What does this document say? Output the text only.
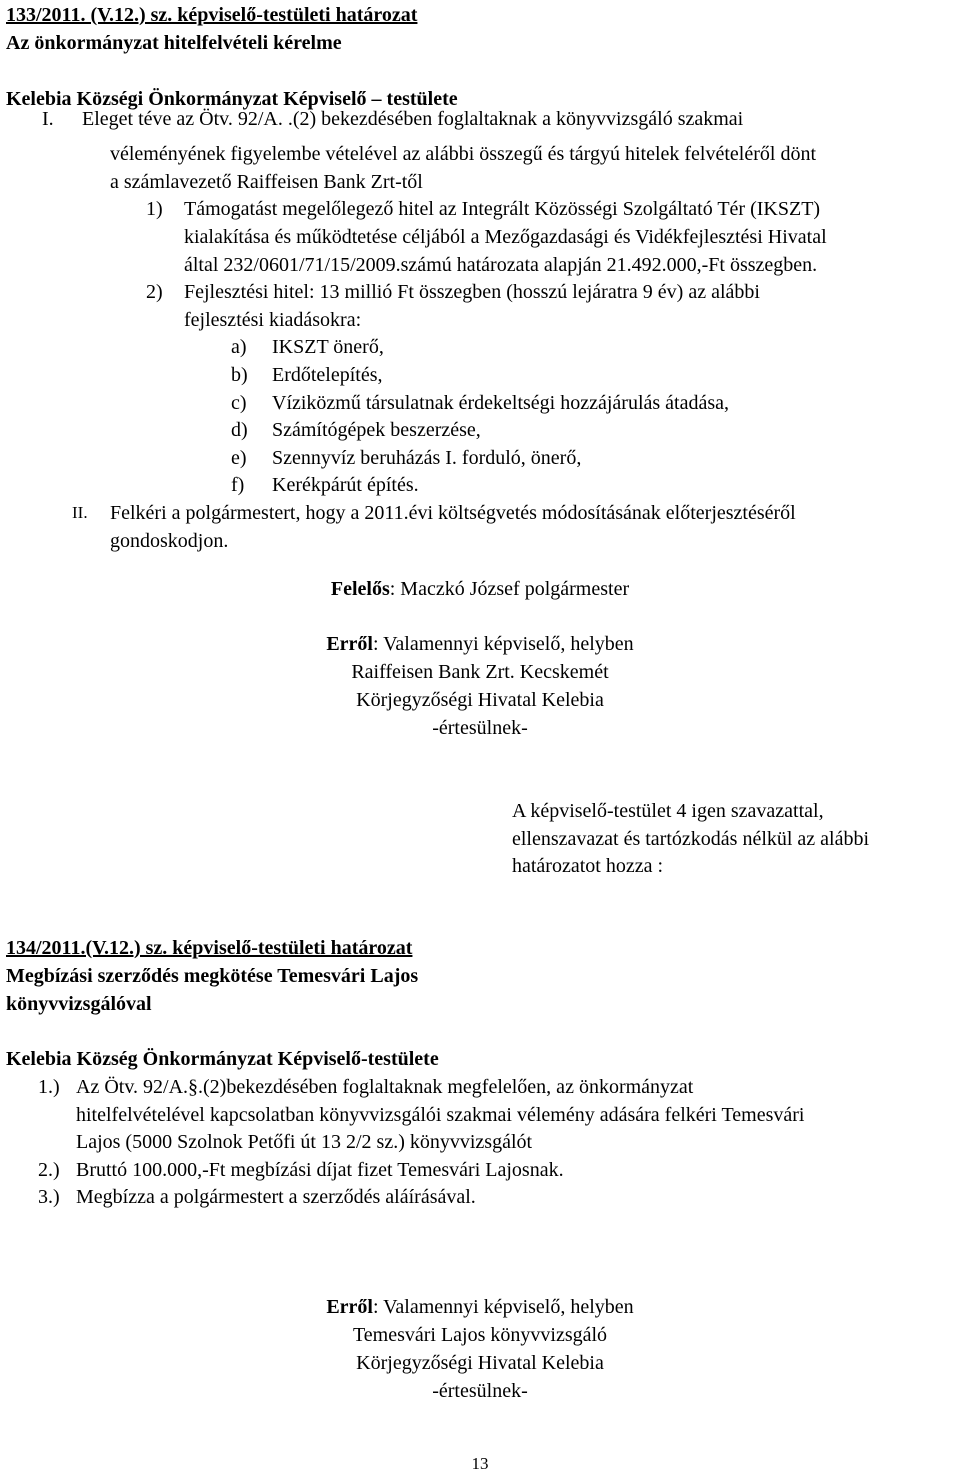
133/2011. (V.12.) sz. képviselő-testületi határozat
Az önkormányzat hitelfelvételi kérelme
Kelebia Községi Önkormányzat Képviselő – testülete
I. Eleget téve az Ötv. 92/A. .(2) bekezdésében foglaltaknak a könyvvizsgáló szakmai
véleményének figyelembe vételével az alábbi összegű és tárgyú hitelek felvételéről dönt
a számlavezető Raiffeisen Bank Zrt-től
1) Támogatást megelőlegező hitel az Integrált Közösségi Szolgáltató Tér (IKSZT)
kialakítása és működtetése céljából a Mezőgazdasági és Vidékfejlesztési Hivatal
által 232/0601/71/15/2009.számú határozata alapján 21.492.000,-Ft összegben.
2) Fejlesztési hitel: 13 millió Ft összegben (hosszú lejáratra 9 év) az alábbi
fejlesztési kiadásokra:
a) IKSZT önerő,
b) Erdőtelepítés,
c) Víziközmű társulatnak érdekeltségi hozzájárulás átadása,
d) Számítógépek beszerzése,
e) Szennyvíz beruházás I. forduló, önerő,
f) Kerékpárút építés.
II. Felkéri a polgármestert, hogy a 2011.évi költségvetés módosításának előterjesztéséről
gondoskodjon.
Felelős: Maczkó József polgármester
Erről: Valamennyi képviselő, helyben
Raiffeisen Bank Zrt. Kecskemét
Körjegyzőségi Hivatal Kelebia
-értesülnek-
A képviselő-testület 4 igen szavazattal,
ellenszavazat és tartózkodás nélkül az alábbi
határozatot hozza :
134/2011.(V.12.) sz. képviselő-testületi határozat
Megbízási szerződés megkötése Temesvári Lajos
könyvvizsgálóval
Kelebia Község Önkormányzat Képviselő-testülete
1.) Az Ötv. 92/A.§.(2)bekezdésében foglaltaknak megfelelően, az önkormányzat
hitelfelvételével kapcsolatban könyvvizsgálói szakmai vélemény adására felkéri Temesvári
Lajos (5000 Szolnok Petőfi út 13 2/2 sz.) könyvvizsgálót
2.) Bruttó 100.000,-Ft megbízási díjat fizet Temesvári Lajosnak.
3.) Megbízza a polgármestert a szerződés aláírásával.
Erről: Valamennyi képviselő, helyben
Temesvári Lajos könyvvizsgáló
Körjegyzőségi Hivatal Kelebia
-értesülnek-
13
